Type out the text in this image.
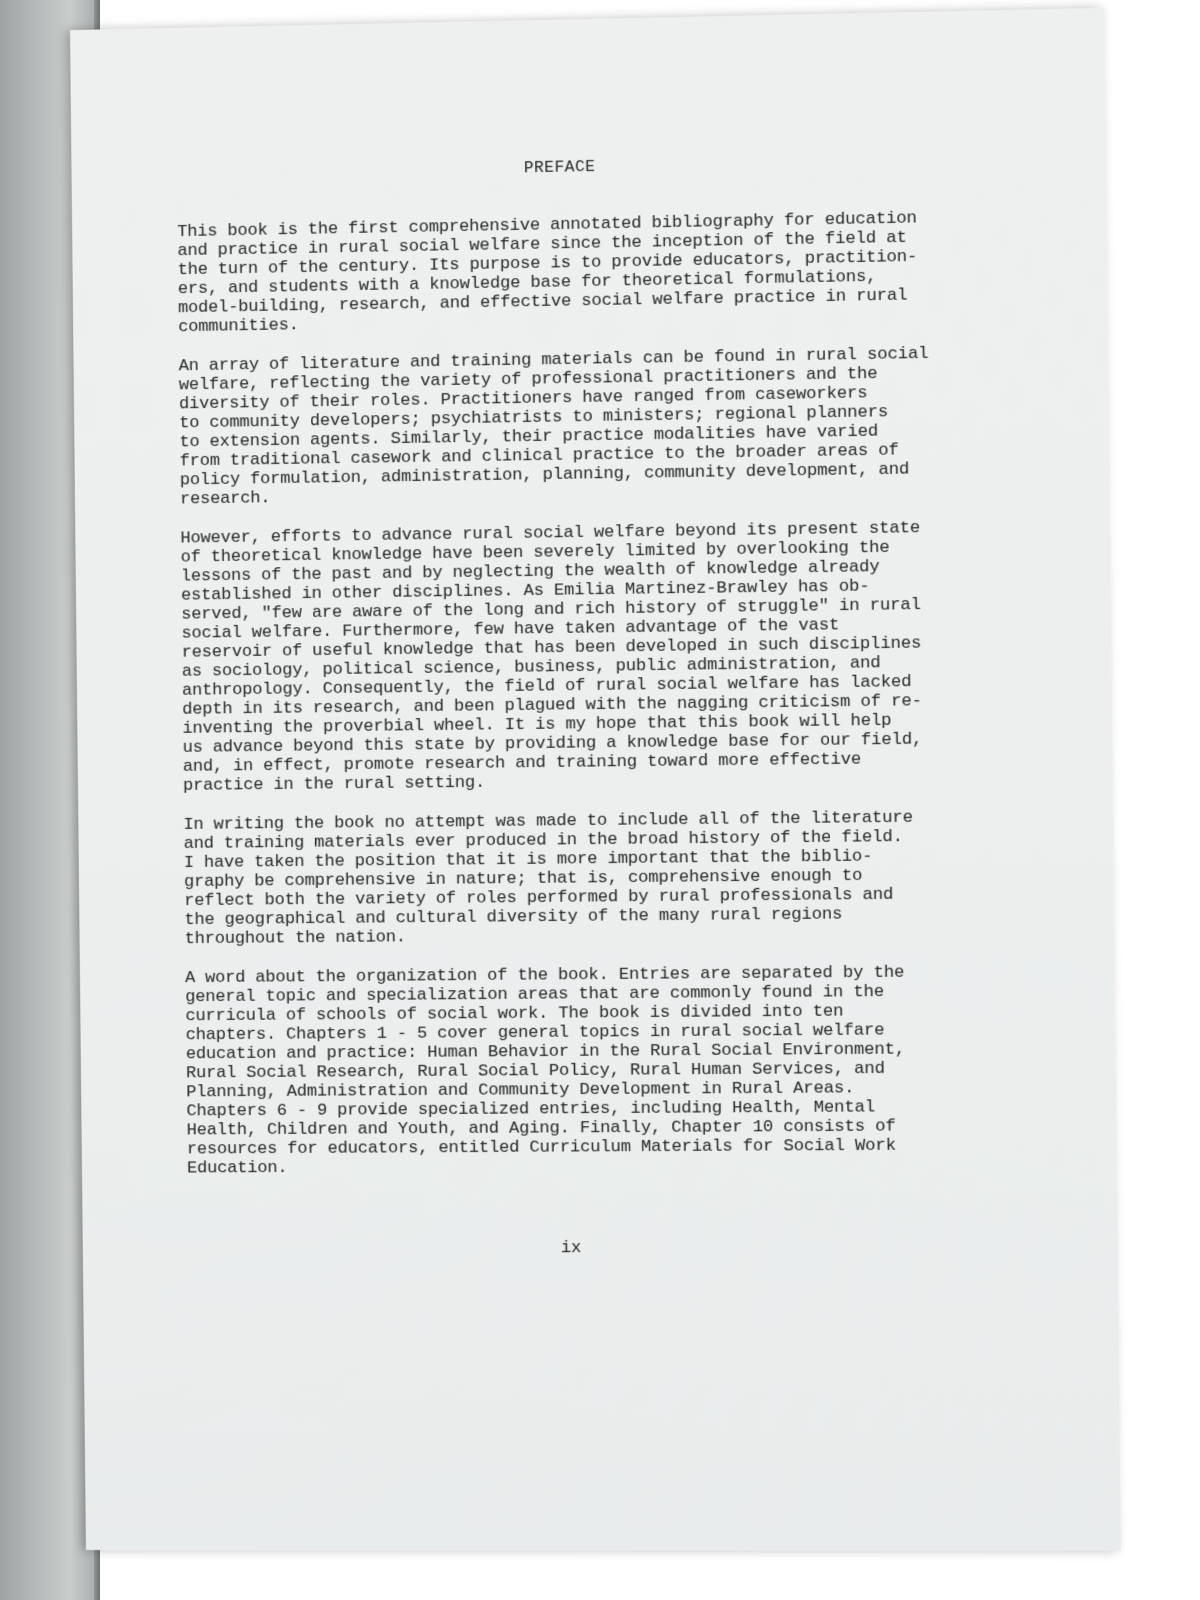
PREFACE

This book is the first comprehensive annotated bibliography for education
and practice in rural social welfare since the inception of the field at
the turn of the century. Its purpose is to provide educators, practition-
ers, and students with a knowledge base for theoretical formulations,
model-building, research, and effective social welfare practice in rural
communities.

An array of literature and training materials can be found in rural social
welfare, reflecting the variety of professional practitioners and the
diversity of their roles. Practitioners have ranged from caseworkers
to community developers; psychiatrists to ministers; regional planners
to extension agents. Similarly, their practice modalities have varied
from traditional casework and clinical practice to the broader areas of
policy formulation, administration, planning, community development, and
research.

However, efforts to advance rural social welfare beyond its present state
of theoretical knowledge have been severely limited by overlooking the
lessons of the past and by neglecting the wealth of knowledge already
established in other disciplines. As Emilia Martinez-Brawley has ob-
served, "few are aware of the long and rich history of struggle" in rural
social welfare. Furthermore, few have taken advantage of the vast
reservoir of useful knowledge that has been developed in such disciplines
as sociology, political science, business, public administration, and
anthropology. Consequently, the field of rural social welfare has lacked
depth in its research, and been plagued with the nagging criticism of re-
inventing the proverbial wheel. It is my hope that this book will help
us advance beyond this state by providing a knowledge base for our field,
and, in effect, promote research and training toward more effective
practice in the rural setting.

In writing the book no attempt was made to include all of the literature
and training materials ever produced in the broad history of the field.
I have taken the position that it is more important that the biblio-
graphy be comprehensive in nature; that is, comprehensive enough to
reflect both the variety of roles performed by rural professionals and
the geographical and cultural diversity of the many rural regions
throughout the nation.

A word about the organization of the book. Entries are separated by the
general topic and specialization areas that are commonly found in the
curricula of schools of social work. The book is divided into ten
chapters. Chapters 1 - 5 cover general topics in rural social welfare
education and practice: Human Behavior in the Rural Social Environment,
Rural Social Research, Rural Social Policy, Rural Human Services, and
Planning, Administration and Community Development in Rural Areas.
Chapters 6 - 9 provide specialized entries, including Health, Mental
Health, Children and Youth, and Aging. Finally, Chapter 10 consists of
resources for educators, entitled Curriculum Materials for Social Work
Education.

ix
